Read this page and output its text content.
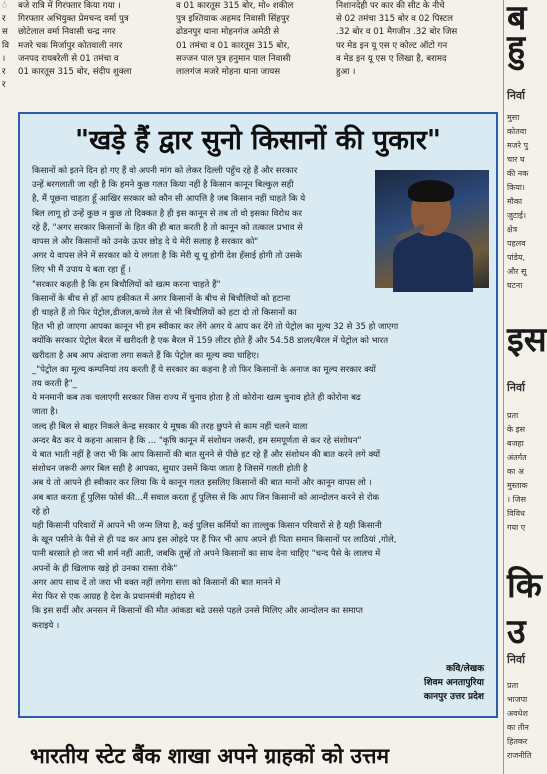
ं
र
स
वि
।
र
र
बजे रात्रि में गिरफ्तार किया गया ।
गिरफ्तार अभियुक्त प्रेमचन्द वर्मा पुत्र
छोटेलाल वर्मा निवासी चन्द्र नगर
मजरे चक मिर्जापुर कोतवाली नगर
जनपद रायबरेली से 01 तमंचा व
01 कारतूस 315 बोर, संदीप शुक्ला
व 01 कारतूस 315 बोर, मो० शकील
पुत्र इश्तियाक अहमद निवासी सिंहपुर
ढोडनपुर थाना मोहनगंज अमेठी से
01 तमंचा व 01 कारतूस 315 बोर,
सज्जन पाल पुत्र हनुमान पाल निवासी
लालगंज मजरे मोहना थाना जायस
निशानदेही पर कार की सीट के नीचे
से 02 तमंचा 315 बोर व 02 पिस्टल
.32 बोर व 01 मैगजीन .32 बोर जिस
पर मेड इन यू एस ए कोल्ट ऑटो गन
व मेड इन यू एस ए लिखा है, बरामद
हुआ ।
"खड़े हैं द्वार सुनो किसानों की पुकार"
किसानों को इतने दिन हो गए हैं वो अपनी मांग को लेकर दिल्ली पहुँच रहे हैं और सरकार
उन्हें बरगलाती जा रही है कि हमने कुछ गलत किया नहीं है किसान कानून बिल्कुल सही
है, मैं पूछना चाहता हूँ आखिर सरकार को कौन सी आपत्ति है जब किसान नहीं चाहते कि ये
बिल लागू हो उन्हें कुछ न कुछ तो दिक्कत है ही इस कानून से तब तो वो इसका विरोध कर
रहे हैं, "अगर सरकार किसानों के हित की ही बात करती है तो कानून को तत्काल प्रभाव से
वापस ले और किसानों को उनके ऊपर छोड़ दे ये मेरी सलाह है सरकार को"
अगर ये वापस लेने में सरकार को ये लगता है कि मेरी थू थू होगी देश हँसाई होगी तो उसके
लिए भी मैं उपाय ये बता रहा हूँ ।
"सरकार कहती है कि हम बिचौलियों को खत्म करना चाहते हैं"
किसानों के बीच से हाँ आप हकीकत में अगर किसानों के बीच से बिचौलियों को हटाना
ही चाहते हैं तो फिर पेट्रोल,डीजल,कच्चे तेल से भी बिचौलियों को हटा दो तो किसानों का
हित भी हो जाएगा आपका कानून भी हम स्वीकार कर लेंगे अगर ये आप कर देंगे तो पेट्रोल का मूल्य 32 से 35 हो जाएगा
क्योंकि सरकार पेट्रोल बैरल में खरीदती है एक बैरल में 159 लीटर होते हैं और 54.58 डालर/बैरल में पेट्रोल को भारत
खरीदता है अब आप अंदाजा लगा सकते हैं कि पेट्रोल का मूल्य क्या चाहिए।
_"पेट्रोल का मूल्य कम्पनियां तय करती हैं ये सरकार का कहना है तो फिर किसानों के अनाज का मूल्य सरकार क्यों
तय करती है"_
ये मनमानी कब तक चलाएगी सरकार जिस राज्य में चुनाव होता है तो कोरोना खत्म चुनाव होते ही कोरोना बढ
जाता है।
जल्द ही बिल से बाहर निकले केन्द्र सरकार ये मूषक की तरह छुपने से काम नहीं चलने वाला
अन्दर बैठ कर ये कहना आसान है कि ... "कृषि कानून में संशोधन जरूरी, हम समपूर्णता से कर रहे संशोधन"
ये बात भाती नहीं है जरा भी कि आप किसानों की बात सुनने से पीछे हट रहे हैं और संशोधन की बात करने लगे क्यों
संशोधन जरूरी अगर बिल सही है आपका, सुधार उसमें किया जाता है जिसमें गलती होती है
अब ये तो आपने ही स्वीकार कर लिया कि ये कानून गलत इसलिए किसानों की बात मानों और कानून वापस लो ।
अब बात करता हूँ पुलिस फोर्स की...मैं सवाल करता हूँ पुलिस से कि आप जिन किसानों को आन्दोलन करने से रोक
रहे हो
यही किसानी परिवारों में आपने भी जन्म लिया है, कई पुलिस कर्मियों का ताल्लुक किसान परिवारों से है यही किसानी
के खून पसीने के पैसे से ही पढ कर आप इस ओहदे पर हैं फिर भी आप अपने ही पिता समान किसानों पर लाठियां ,गोले,
पानी बरसाते हो जरा भी शर्म नहीं आती, जबकि तुम्हें तो अपने किसानों का साथ देना चाहिए "चन्द पैसे के लालच में
अपनों के ही खिलाफ खड़े हो उनका रास्ता रोके"
अगर आप साथ दें तो जरा भी वक्त नहीं लगेगा सत्ता को किसानों की बात मानने में
मेरा फिर से एक आग्रह है देश के प्रधानमंत्री महोदय से
कि इस सर्दी और अनसन में किसानों की मौत आंकडा बढे उससे पहले उनसे मिलिए और आन्दोलन का समाप्त
कराइये ।
कवि/लेखक
शिवम अनतापुरिया
कानपुर उत्तर प्रदेश
भारतीय स्टेट बैंक शाखा अपने ग्राहकों को उत्तम
ब
हु
निर्वा
मुसा
कोतवा
मजरे पु
चार घ
की नक
किया।
मौका
जुटाई।
क्षेत्र
पहलव
पांडेय,
और सू
घटना
इस
निर्वा
प्रता
के इस
बजहा
अंतर्गत
का अ
मुस्ताक
। जिस
विविध
गया ए
कि
उ
निर्वा
प्रता
भाजपा
अवधेश
का तीन
हितकर
राजनीति
